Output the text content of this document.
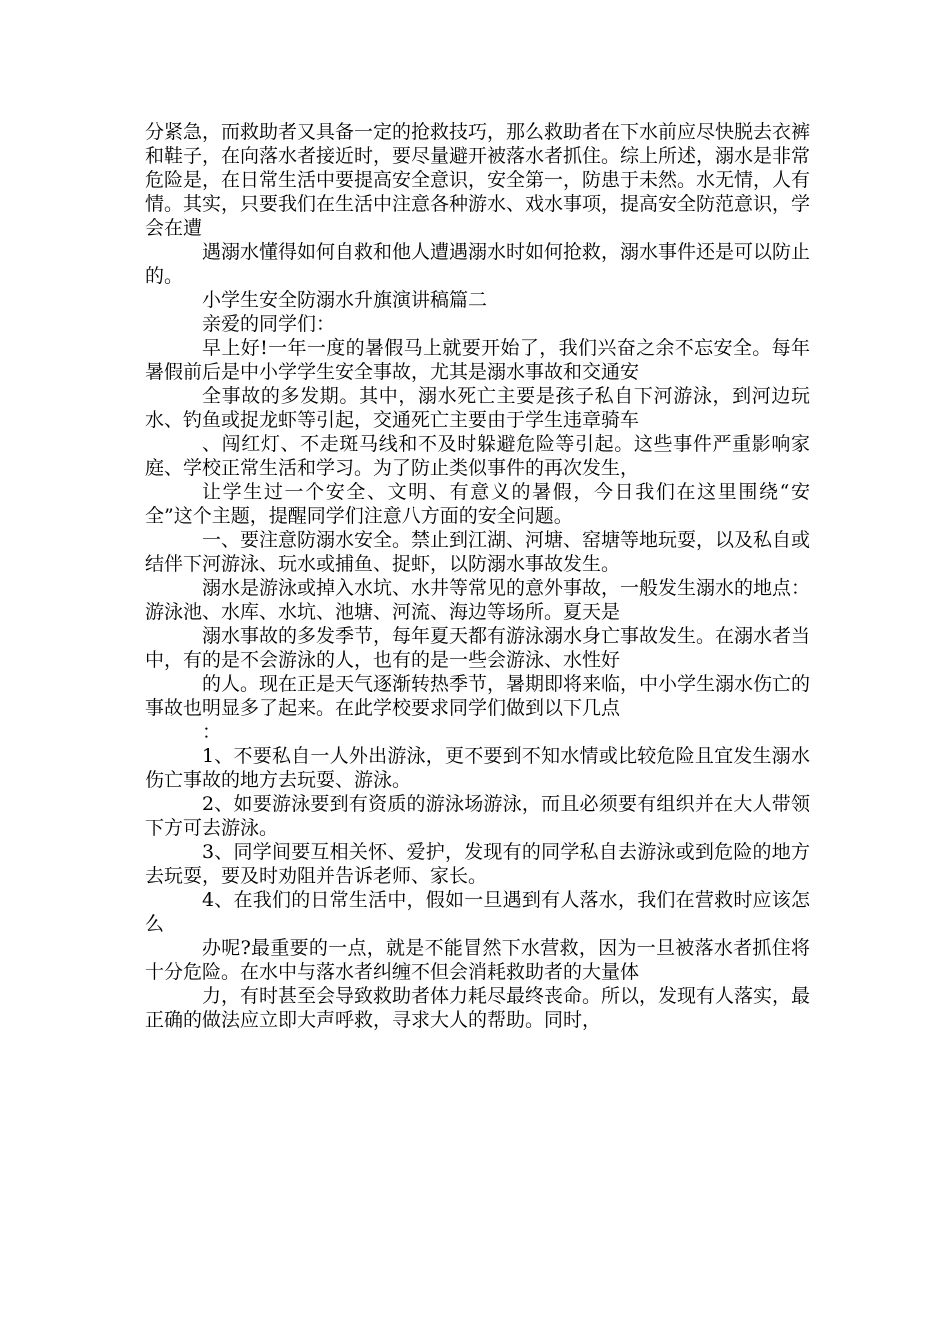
分紧急，而救助者又具备一定的抢救技巧，那么救助者在下水前应尽快脱去衣裤和鞋子，在向落水者接近时，要尽量避开被落水者抓住。综上所述，溺水是非常危险是，在日常生活中要提高安全意识，安全第一，防患于未然。水无情，人有情。其实，只要我们在生活中注意各种游水、戏水事项，提高安全防范意识，学会在遭

遇溺水懂得如何自救和他人遭遇溺水时如何抢救，溺水事件还是可以防止的。

小学生安全防溺水升旗演讲稿篇二

亲爱的同学们：

早上好!一年一度的暑假马上就要开始了，我们兴奋之余不忘安全。每年暑假前后是中小学学生安全事故，尤其是溺水事故和交通安

全事故的多发期。其中，溺水死亡主要是孩子私自下河游泳，到河边玩水、钓鱼或捉龙虾等引起，交通死亡主要由于学生违章骑车

、闯红灯、不走斑马线和不及时躲避危险等引起。这些事件严重影响家庭、学校正常生活和学习。为了防止类似事件的再次发生，

让学生过一个安全、文明、有意义的暑假，今日我们在这里围绕“安全”这个主题，提醒同学们注意八方面的安全问题。

一、要注意防溺水安全。禁止到江湖、河塘、窑塘等地玩耍，以及私自或结伴下河游泳、玩水或捕鱼、捉虾，以防溺水事故发生。

溺水是游泳或掉入水坑、水井等常见的意外事故，一般发生溺水的地点：游泳池、水库、水坑、池塘、河流、海边等场所。夏天是

溺水事故的多发季节，每年夏天都有游泳溺水身亡事故发生。在溺水者当中，有的是不会游泳的人，也有的是一些会游泳、水性好

的人。现在正是天气逐渐转热季节，暑期即将来临，中小学生溺水伤亡的事故也明显多了起来。在此学校要求同学们做到以下几点

：

1、不要私自一人外出游泳，更不要到不知水情或比较危险且宜发生溺水伤亡事故的地方去玩耍、游泳。

2、如要游泳要到有资质的游泳场游泳，而且必须要有组织并在大人带领下方可去游泳。

3、同学间要互相关怀、爱护，发现有的同学私自去游泳或到危险的地方去玩耍，要及时劝阻并告诉老师、家长。

4、在我们的日常生活中，假如一旦遇到有人落水，我们在营救时应该怎么

办呢?最重要的一点，就是不能冒然下水营救，因为一旦被落水者抓住将十分危险。在水中与落水者纠缠不但会消耗救助者的大量体

力，有时甚至会导致救助者体力耗尽最终丧命。所以，发现有人落实，最正确的做法应立即大声呼救，寻求大人的帮助。同时，
